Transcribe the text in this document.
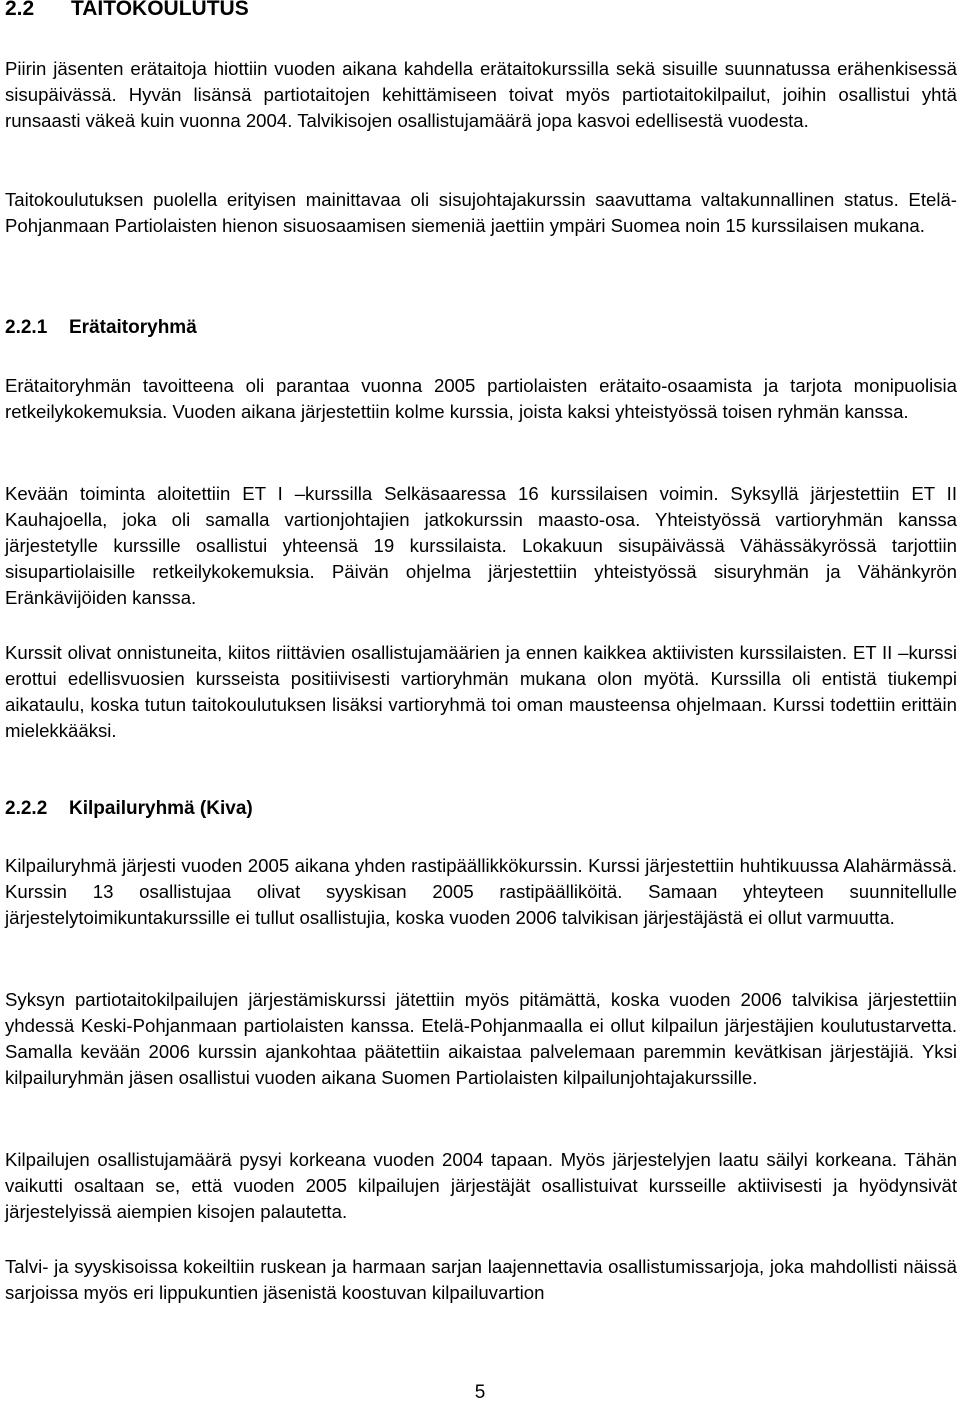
2.2 TAITOKOULUTUS

Piirin jäsenten erätaitoja hiottiin vuoden aikana kahdella erätaitokurssilla sekä sisuille suunnatussa erähenkisessä sisupäivässä. Hyvän lisänsä partiotaitojen kehittämiseen toivat myös partiotaitokilpailut, joihin osallistui yhtä runsaasti väkeä kuin vuonna 2004. Talvikisojen osallistujamäärä jopa kasvoi edellisestä vuodesta.

Taitokoulutuksen puolella erityisen mainittavaa oli sisujohtajakurssin saavuttama valtakunnallinen status. Etelä-Pohjanmaan Partiolaisten hienon sisuosaamisen siemeniä jaettiin ympäri Suomea noin 15 kurssilaisen mukana.

2.2.1 Erätaitoryhmä

Erätaitoryhmän tavoitteena oli parantaa vuonna 2005 partiolaisten erätaito-osaamista ja tarjota monipuolisia retkeilykokemuksia. Vuoden aikana järjestettiin kolme kurssia, joista kaksi yhteistyössä toisen ryhmän kanssa.

Kevään toiminta aloitettiin ET I –kurssilla Selkäsaaressa 16 kurssilaisen voimin. Syksyllä järjestettiin ET II Kauhajoella, joka oli samalla vartionjohtajien jatkokurssin maasto-osa. Yhteistyössä vartioryhmän kanssa järjestetylle kurssille osallistui yhteensä 19 kurssilaista. Lokakuun sisupäivässä Vähässäkyrössä tarjottiin sisupartiolaisille retkeilykokemuksia. Päivän ohjelma järjestettiin yhteistyössä sisuryhmän ja Vähänkyrön Eränkävijöiden kanssa.

Kurssit olivat onnistuneita, kiitos riittävien osallistujamäärien ja ennen kaikkea aktiivisten kurssilaisten. ET II –kurssi erottui edellisvuosien kursseista positiivisesti vartioryhmän mukana olon myötä. Kurssilla oli entistä tiukempi aikataulu, koska tutun taitokoulutuksen lisäksi vartioryhmä toi oman mausteensa ohjelmaan. Kurssi todettiin erittäin mielekkääksi.

2.2.2 Kilpailuryhmä (Kiva)

Kilpailuryhmä järjesti vuoden 2005 aikana yhden rastipäällikkökurssin. Kurssi järjestettiin huhtikuussa Alahärmässä. Kurssin 13 osallistujaa olivat syyskisan 2005 rastipäälliköitä. Samaan yhteyteen suunnitellulle järjestelytoimikuntakurssille ei tullut osallistujia, koska vuoden 2006 talvikisan järjestäjästä ei ollut varmuutta.

Syksyn partiotaitokilpailujen järjestämiskurssi jätettiin myös pitämättä, koska vuoden 2006 talvikisa järjestettiin yhdessä Keski-Pohjanmaan partiolaisten kanssa. Etelä-Pohjanmaalla ei ollut kilpailun järjestäjien koulutustarvetta. Samalla kevään 2006 kurssin ajankohtaa päätettiin aikaistaa palvelemaan paremmin kevätkisan järjestäjiä. Yksi kilpailuryhmän jäsen osallistui vuoden aikana Suomen Partiolaisten kilpailunjohtajakurssille.

Kilpailujen osallistujamäärä pysyi korkeana vuoden 2004 tapaan. Myös järjestelyjen laatu säilyi korkeana. Tähän vaikutti osaltaan se, että vuoden 2005 kilpailujen järjestäjät osallistuivat kursseille aktiivisesti ja hyödynsivät järjestelyissä aiempien kisojen palautetta.

Talvi- ja syyskisoissa kokeiltiin ruskean ja harmaan sarjan laajennettavia osallistumissarjoja, joka mahdollisti näissä sarjoissa myös eri lippukuntien jäsenistä koostuvan kilpailuvartion

5
